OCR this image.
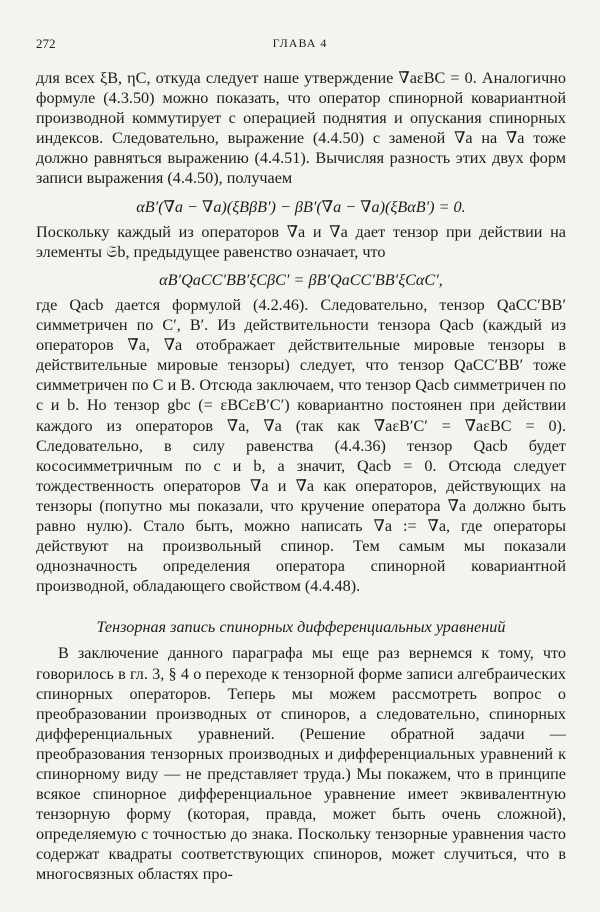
272	ГЛАВА 4

для всех ξB, ηC, откуда следует наше утверждение ∇̃aεBC = 0. Аналогично формуле (4.3.50) можно показать, что оператор спинорной ковариантной производной коммутирует с операцией поднятия и опускания спинорных индексов. Следовательно, выражение (4.4.50) с заменой ∇a на ∇̃a тоже должно равняться выражению (4.4.51). Вычисляя разность этих двух форм записи выражения (4.4.50), получаем

αB′(∇̃a − ∇a)(ξBβB′) − βB′(∇̃a − ∇a)(ξBαB′) = 0.

Поскольку каждый из операторов ∇̃a и ∇a дает тензор при действии на элементы 𝔖b, предыдущее равенство означает, что

αB′QaCC′BB′ξCβC′ = βB′QaCC′BB′ξCαC′,

где Qacb дается формулой (4.2.46). Следовательно, тензор QaCC′BB′ симметричен по C′, B′. Из действительности тензора Qacb (каждый из операторов ∇̃a, ∇a отображает действительные мировые тензоры в действительные мировые тензоры) следует, что тензор QaCC′BB′ тоже симметричен по C и B. Отсюда заключаем, что тензор Qacb симметричен по c и b. Но тензор gbc (= εBCεB′C′) ковариантно постоянен при действии каждого из операторов ∇̃a, ∇a (так как ∇̃aεB′C′ = ∇̃aεBC = 0). Следовательно, в силу равенства (4.4.36) тензор Qacb будет кососимметричным по c и b, а значит, Qacb = 0. Отсюда следует тождественность операторов ∇a и ∇̃a как операторов, действующих на тензоры (попутно мы показали, что кручение оператора ∇̃a должно быть равно нулю). Стало быть, можно написать ∇a := ∇̃a, где операторы действуют на произвольный спинор. Тем самым мы показали однозначность определения оператора спинорной ковариантной производной, обладающего свойством (4.4.48).

Тензорная запись спинорных дифференциальных уравнений

В заключение данного параграфа мы еще раз вернемся к тому, что говорилось в гл. 3, § 4 о переходе к тензорной форме записи алгебраических спинорных операторов. Теперь мы можем рассмотреть вопрос о преобразовании производных от спиноров, а следовательно, спинорных дифференциальных уравнений. (Решение обратной задачи — преобразования тензорных производных и дифференциальных уравнений к спинорному виду — не представляет труда.) Мы покажем, что в принципе всякое спинорное дифференциальное уравнение имеет эквивалентную тензорную форму (которая, правда, может быть очень сложной), определяемую с точностью до знака. Поскольку тензорные уравнения часто содержат квадраты соответствующих спиноров, может случиться, что в многосвязных областях про-
